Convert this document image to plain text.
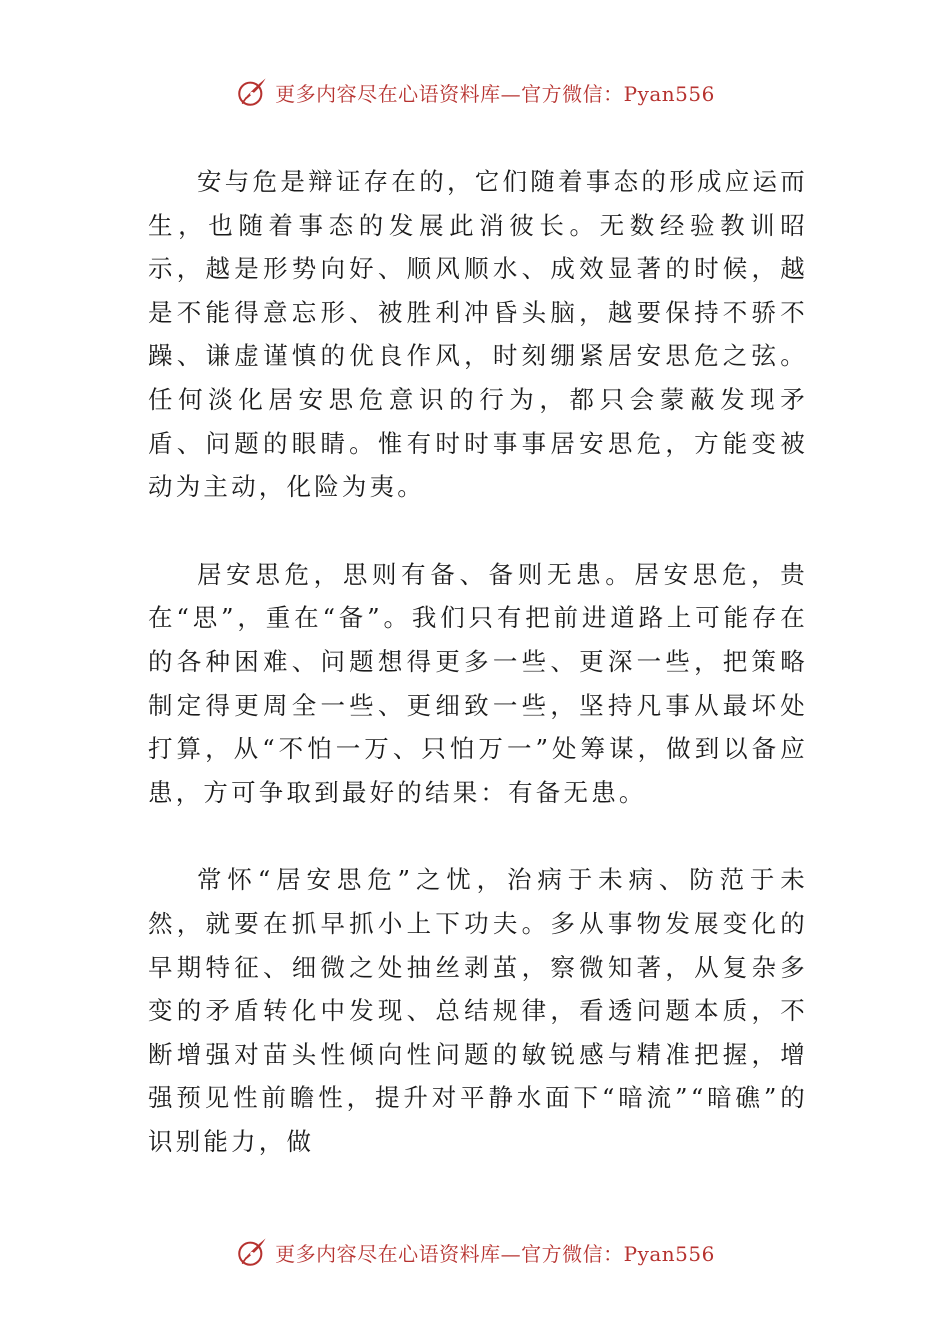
更多内容尽在心语资料库—官方微信：Pyan556

安与危是辩证存在的，它们随着事态的形成应运而生，也随着事态的发展此消彼长。无数经验教训昭示，越是形势向好、顺风顺水、成效显著的时候，越是不能得意忘形、被胜利冲昏头脑，越要保持不骄不躁、谦虚谨慎的优良作风，时刻绷紧居安思危之弦。任何淡化居安思危意识的行为，都只会蒙蔽发现矛盾、问题的眼睛。惟有时时事事居安思危，方能变被动为主动，化险为夷。

居安思危，思则有备、备则无患。居安思危，贵在“思”，重在“备”。我们只有把前进道路上可能存在的各种困难、问题想得更多一些、更深一些，把策略制定得更周全一些、更细致一些，坚持凡事从最坏处打算，从“不怕一万、只怕万一”处筹谋，做到以备应患，方可争取到最好的结果：有备无患。

常怀“居安思危”之忧，治病于未病、防范于未然，就要在抓早抓小上下功夫。多从事物发展变化的早期特征、细微之处抽丝剥茧，察微知著，从复杂多变的矛盾转化中发现、总结规律，看透问题本质，不断增强对苗头性倾向性问题的敏锐感与精准把握，增强预见性前瞻性，提升对平静水面下“暗流”“暗礁”的识别能力，做

更多内容尽在心语资料库—官方微信：Pyan556
